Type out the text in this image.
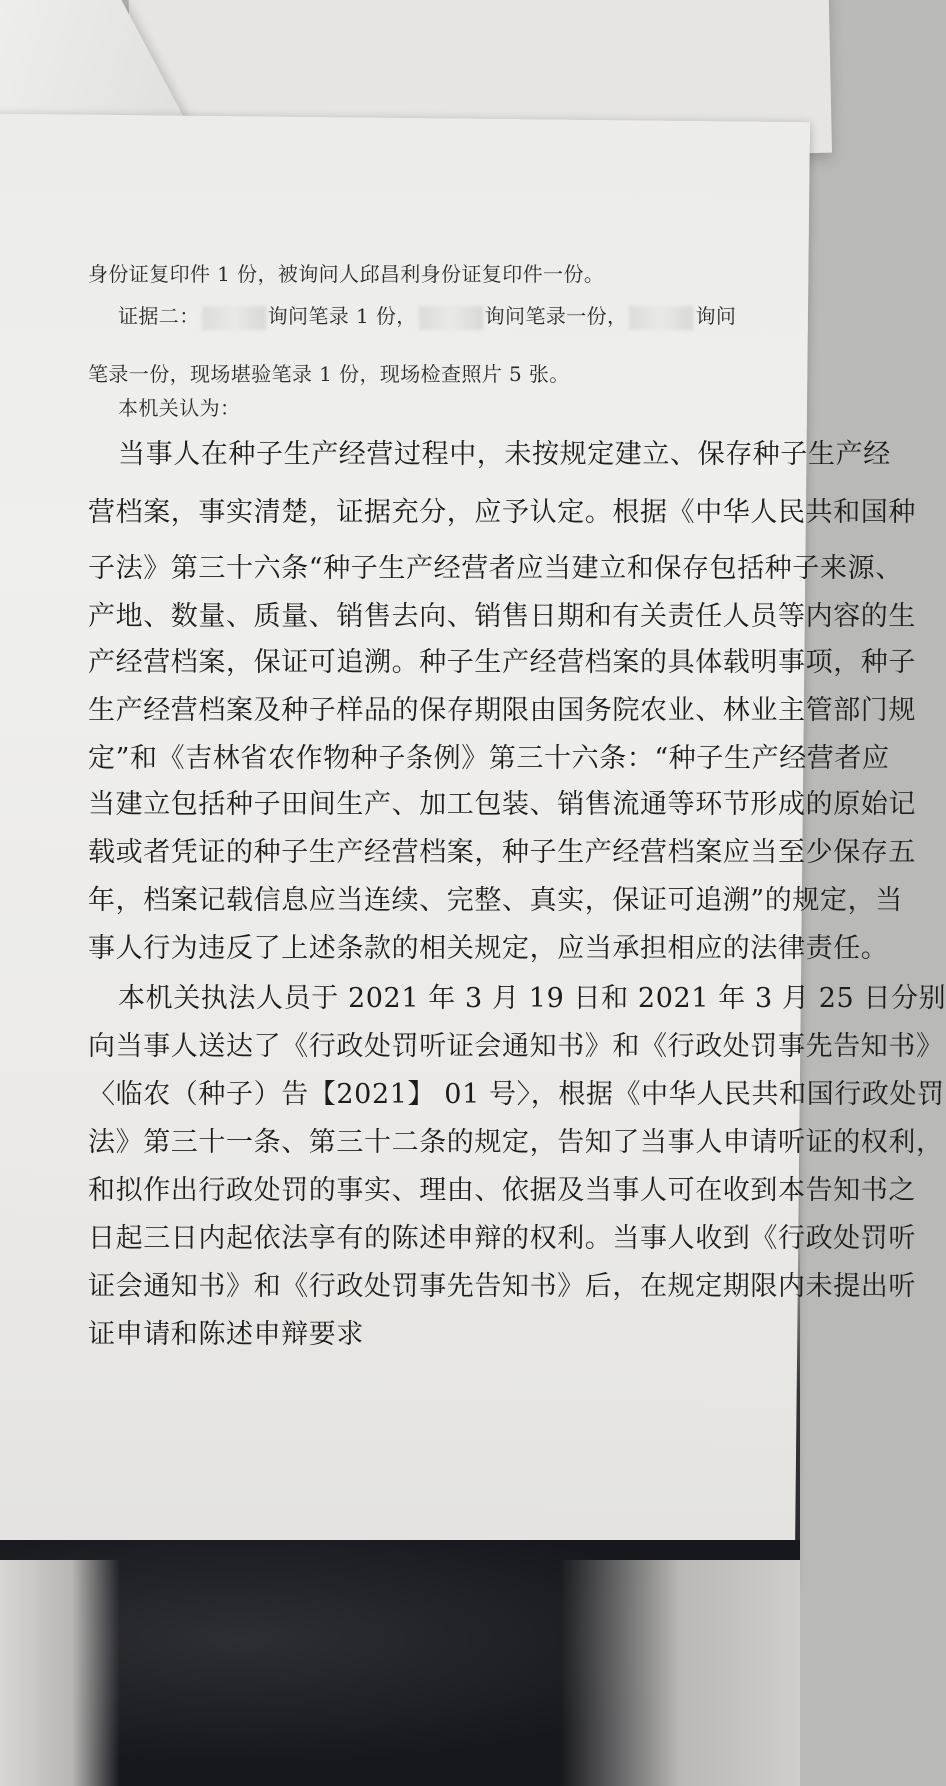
身份证复印件 1 份，被询问人邱昌利身份证复印件一份。
证据二：	询问笔录 1 份，	询问笔录一份，	询问
笔录一份，现场堪验笔录 1 份，现场检查照片 5 张。
本机关认为：
当事人在种子生产经营过程中，未按规定建立、保存种子生产经
营档案，事实清楚，证据充分，应予认定。根据《中华人民共和国种
子法》第三十六条“种子生产经营者应当建立和保存包括种子来源、
产地、数量、质量、销售去向、销售日期和有关责任人员等内容的生
产经营档案，保证可追溯。种子生产经营档案的具体载明事项，种子
生产经营档案及种子样品的保存期限由国务院农业、林业主管部门规
定”和《吉林省农作物种子条例》第三十六条：“种子生产经营者应
当建立包括种子田间生产、加工包装、销售流通等环节形成的原始记
载或者凭证的种子生产经营档案，种子生产经营档案应当至少保存五
年，档案记载信息应当连续、完整、真实，保证可追溯”的规定，当
事人行为违反了上述条款的相关规定，应当承担相应的法律责任。
本机关执法人员于 2021 年 3 月 19 日和 2021 年 3 月 25 日分别
向当事人送达了《行政处罚听证会通知书》和《行政处罚事先告知书》
〈临农（种子）告【2021】 01 号〉，根据《中华人民共和国行政处罚
法》第三十一条、第三十二条的规定，告知了当事人申请听证的权利，
和拟作出行政处罚的事实、理由、依据及当事人可在收到本告知书之
日起三日内起依法享有的陈述申辩的权利。当事人收到《行政处罚听
证会通知书》和《行政处罚事先告知书》后，在规定期限内未提出听
证申请和陈述申辩要求
